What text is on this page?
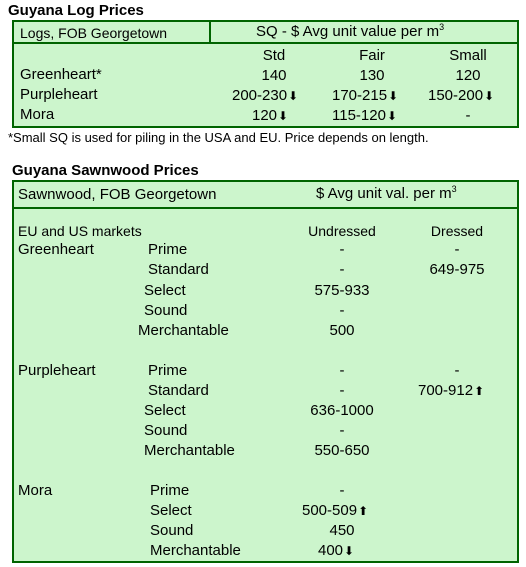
Guyana Log Prices
Logs, FOB Georgetown	SQ - $ Avg unit value per $m^3$
Std	Fair	Small
Greenheart*	140	130	120
Purpleheart	200-230 ⬇	170-215 ⬇	150-200 ⬇
Mora	120 ⬇	115-120 ⬇	-
*Small SQ is used for piling in the USA and EU. Price depends on length.
Guyana Sawnwood Prices
Sawnwood, FOB Georgetown	$ Avg unit val. per $m^3$
EU and US markets	Undressed	Dressed
Greenheart	Prime	-	-
Standard	-	649-975
Select	575-933
Sound	-
Merchantable	500
Purpleheart	Prime	-	-
Standard	-	700-912 ⬆
Select	636-1000
Sound	-
Merchantable	550-650
Mora	Prime	-
Select	500-509 ⬆
Sound	450
Merchantable	400 ⬇
